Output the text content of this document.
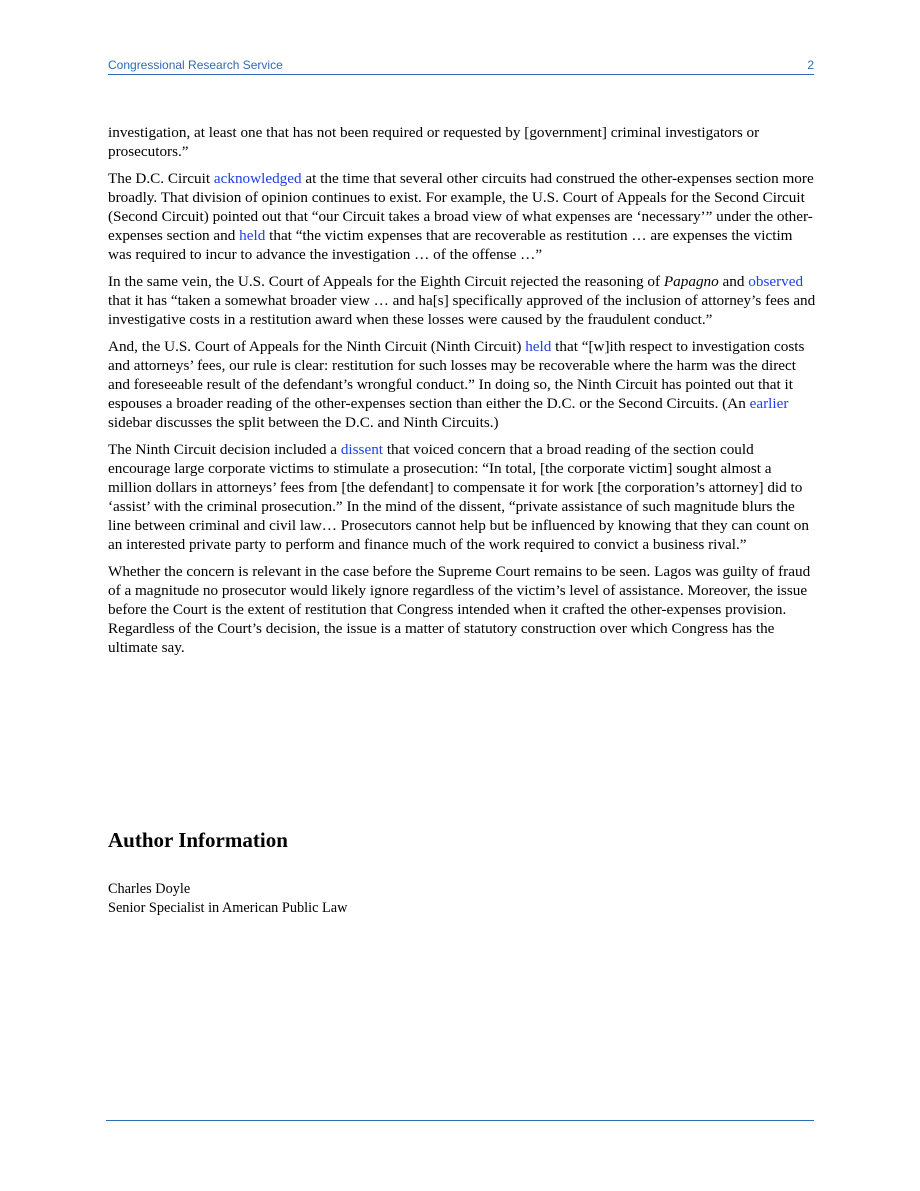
Congressional Research Service	2

investigation, at least one that has not been required or requested by [government] criminal investigators or prosecutors.”

The D.C. Circuit acknowledged at the time that several other circuits had construed the other-expenses section more broadly. That division of opinion continues to exist. For example, the U.S. Court of Appeals for the Second Circuit (Second Circuit) pointed out that “our Circuit takes a broad view of what expenses are ‘necessary’” under the other-expenses section and held that “the victim expenses that are recoverable as restitution … are expenses the victim was required to incur to advance the investigation … of the offense …”

In the same vein, the U.S. Court of Appeals for the Eighth Circuit rejected the reasoning of Papagno and observed that it has “taken a somewhat broader view … and ha[s] specifically approved of the inclusion of attorney’s fees and investigative costs in a restitution award when these losses were caused by the fraudulent conduct.”

And, the U.S. Court of Appeals for the Ninth Circuit (Ninth Circuit) held that “[w]ith respect to investigation costs and attorneys’ fees, our rule is clear: restitution for such losses may be recoverable where the harm was the direct and foreseeable result of the defendant’s wrongful conduct.” In doing so, the Ninth Circuit has pointed out that it espouses a broader reading of the other-expenses section than either the D.C. or the Second Circuits. (An earlier sidebar discusses the split between the D.C. and Ninth Circuits.)

The Ninth Circuit decision included a dissent that voiced concern that a broad reading of the section could encourage large corporate victims to stimulate a prosecution: “In total, [the corporate victim] sought almost a million dollars in attorneys’ fees from [the defendant] to compensate it for work [the corporation’s attorney] did to ‘assist’ with the criminal prosecution.” In the mind of the dissent, “private assistance of such magnitude blurs the line between criminal and civil law… Prosecutors cannot help but be influenced by knowing that they can count on an interested private party to perform and finance much of the work required to convict a business rival.”

Whether the concern is relevant in the case before the Supreme Court remains to be seen. Lagos was guilty of fraud of a magnitude no prosecutor would likely ignore regardless of the victim’s level of assistance. Moreover, the issue before the Court is the extent of restitution that Congress intended when it crafted the other-expenses provision. Regardless of the Court’s decision, the issue is a matter of statutory construction over which Congress has the ultimate say.

Author Information
Charles Doyle
Senior Specialist in American Public Law
